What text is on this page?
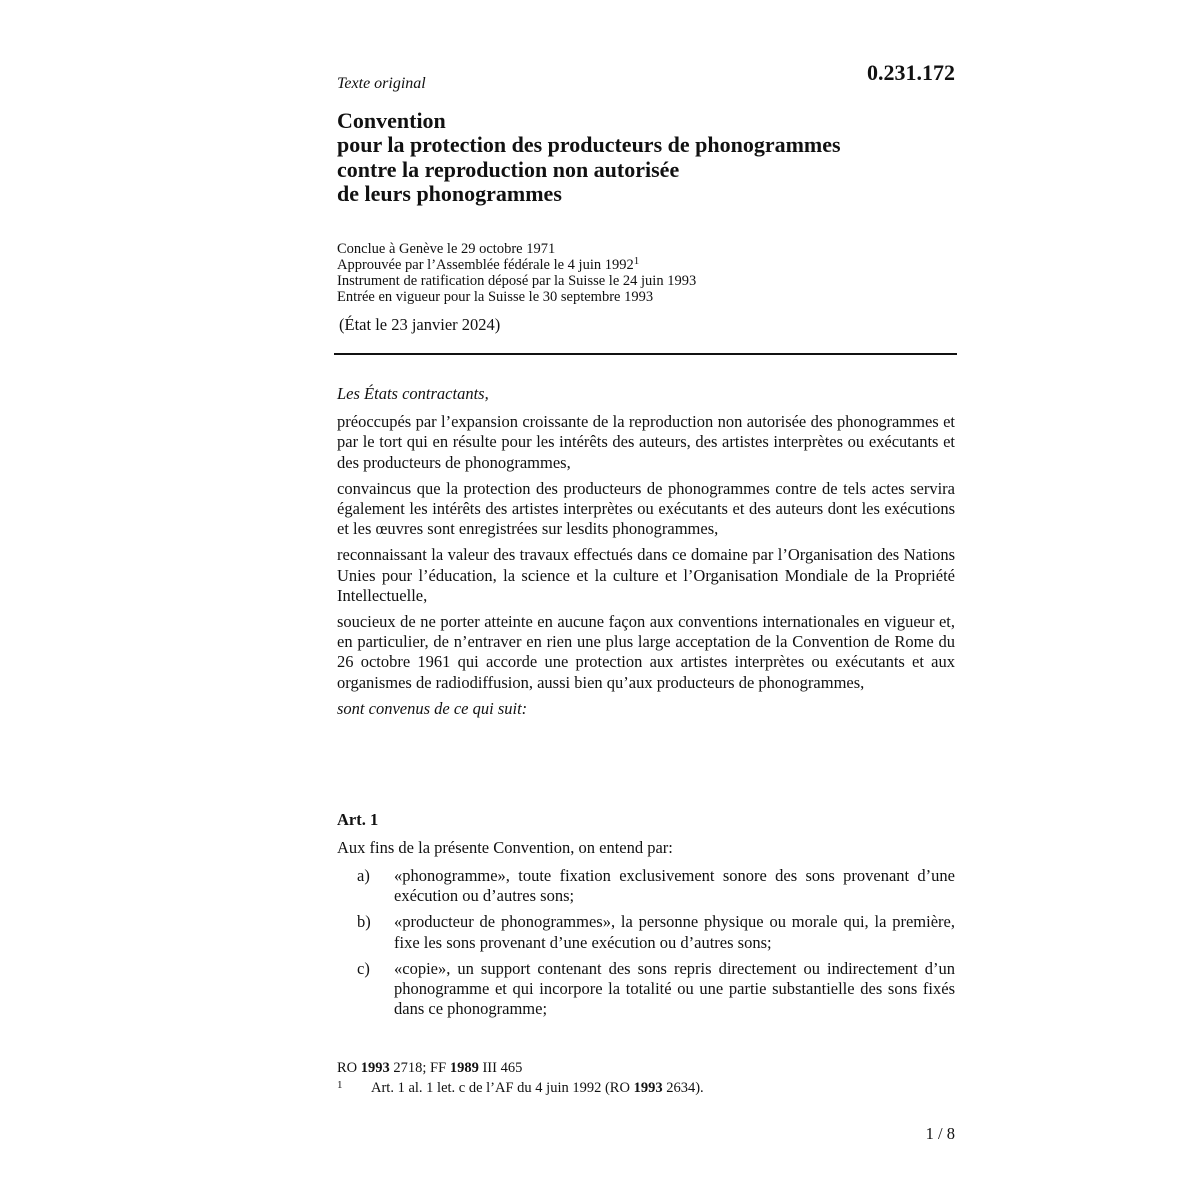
0.231.172
Texte original
Convention
pour la protection des producteurs de phonogrammes
contre la reproduction non autorisée
de leurs phonogrammes
Conclue à Genève le 29 octobre 1971
Approuvée par l’Assemblée fédérale le 4 juin 1992$^1$
Instrument de ratification déposé par la Suisse le 24 juin 1993
Entrée en vigueur pour la Suisse le 30 septembre 1993
(État le 23 janvier 2024)

Les États contractants,

préoccupés par l’expansion croissante de la reproduction non autorisée des phonogrammes et par le tort qui en résulte pour les intérêts des auteurs, des artistes interprètes ou exécutants et des producteurs de phonogrammes,

convaincus que la protection des producteurs de phonogrammes contre de tels actes servira également les intérêts des artistes interprètes ou exécutants et des auteurs dont les exécutions et les œuvres sont enregistrées sur lesdits phonogrammes,

reconnaissant la valeur des travaux effectués dans ce domaine par l’Organisation des Nations Unies pour l’éducation, la science et la culture et l’Organisation Mondiale de la Propriété Intellectuelle,

soucieux de ne porter atteinte en aucune façon aux conventions internationales en vigueur et, en particulier, de n’entraver en rien une plus large acceptation de la Convention de Rome du 26 octobre 1961 qui accorde une protection aux artistes interprètes ou exécutants et aux organismes de radiodiffusion, aussi bien qu’aux producteurs de phonogrammes,

sont convenus de ce qui suit:

Art. 1
Aux fins de la présente Convention, on entend par:
a) «phonogramme», toute fixation exclusivement sonore des sons provenant d’une exécution ou d’autres sons;
b) «producteur de phonogrammes», la personne physique ou morale qui, la première, fixe les sons provenant d’une exécution ou d’autres sons;
c) «copie», un support contenant des sons repris directement ou indirectement d’un phonogramme et qui incorpore la totalité ou une partie substantielle des sons fixés dans ce phonogramme;
RO 1993 2718; FF 1989 III 465
1 Art. 1 al. 1 let. c de l’AF du 4 juin 1992 (RO 1993 2634).
1 / 8
